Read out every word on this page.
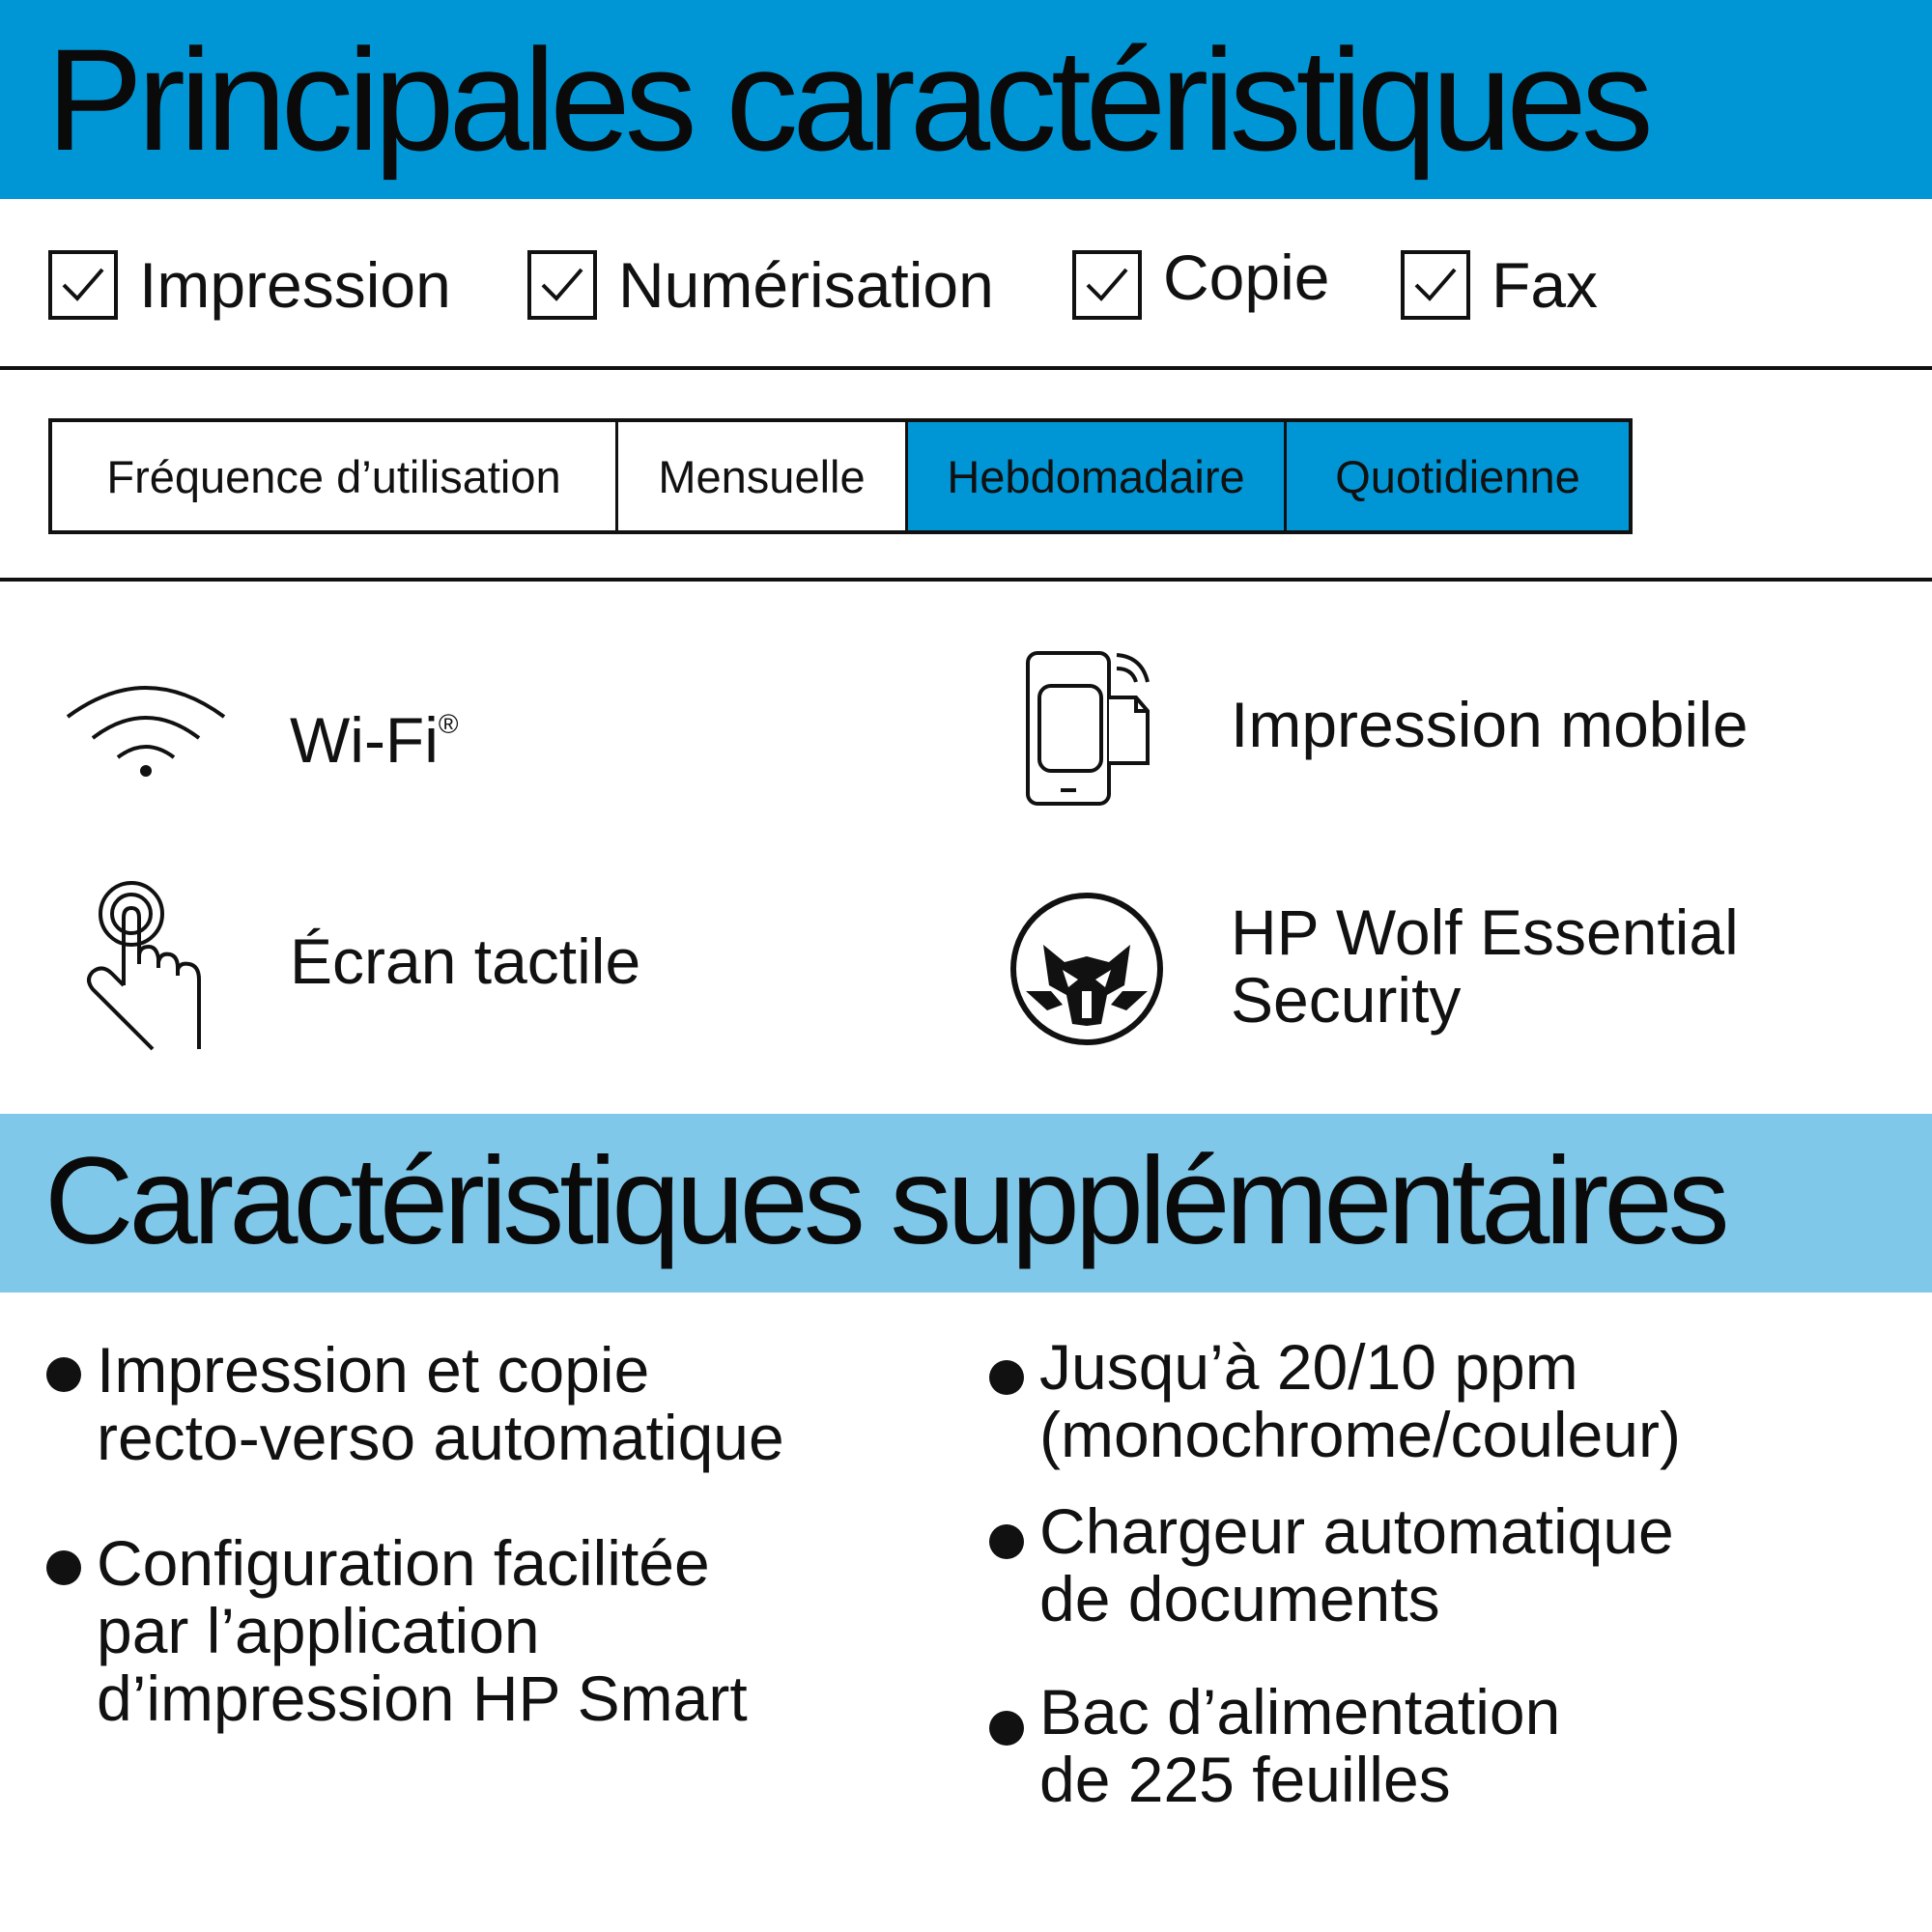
Principales caractéristiques
Impression	Numérisation	Copie	Fax
Fréquence d’utilisation	Mensuelle	Hebdomadaire	Quotidienne
Wi-Fi®	Impression mobile
Écran tactile	HP Wolf Essential
Security
Caractéristiques supplémentaires
Impression et copie
recto-verso automatique
Configuration facilitée
par l’application
d’impression HP Smart
Jusqu’à 20/10 ppm
(monochrome/couleur)
Chargeur automatique
de documents
Bac d’alimentation
de 225 feuilles
